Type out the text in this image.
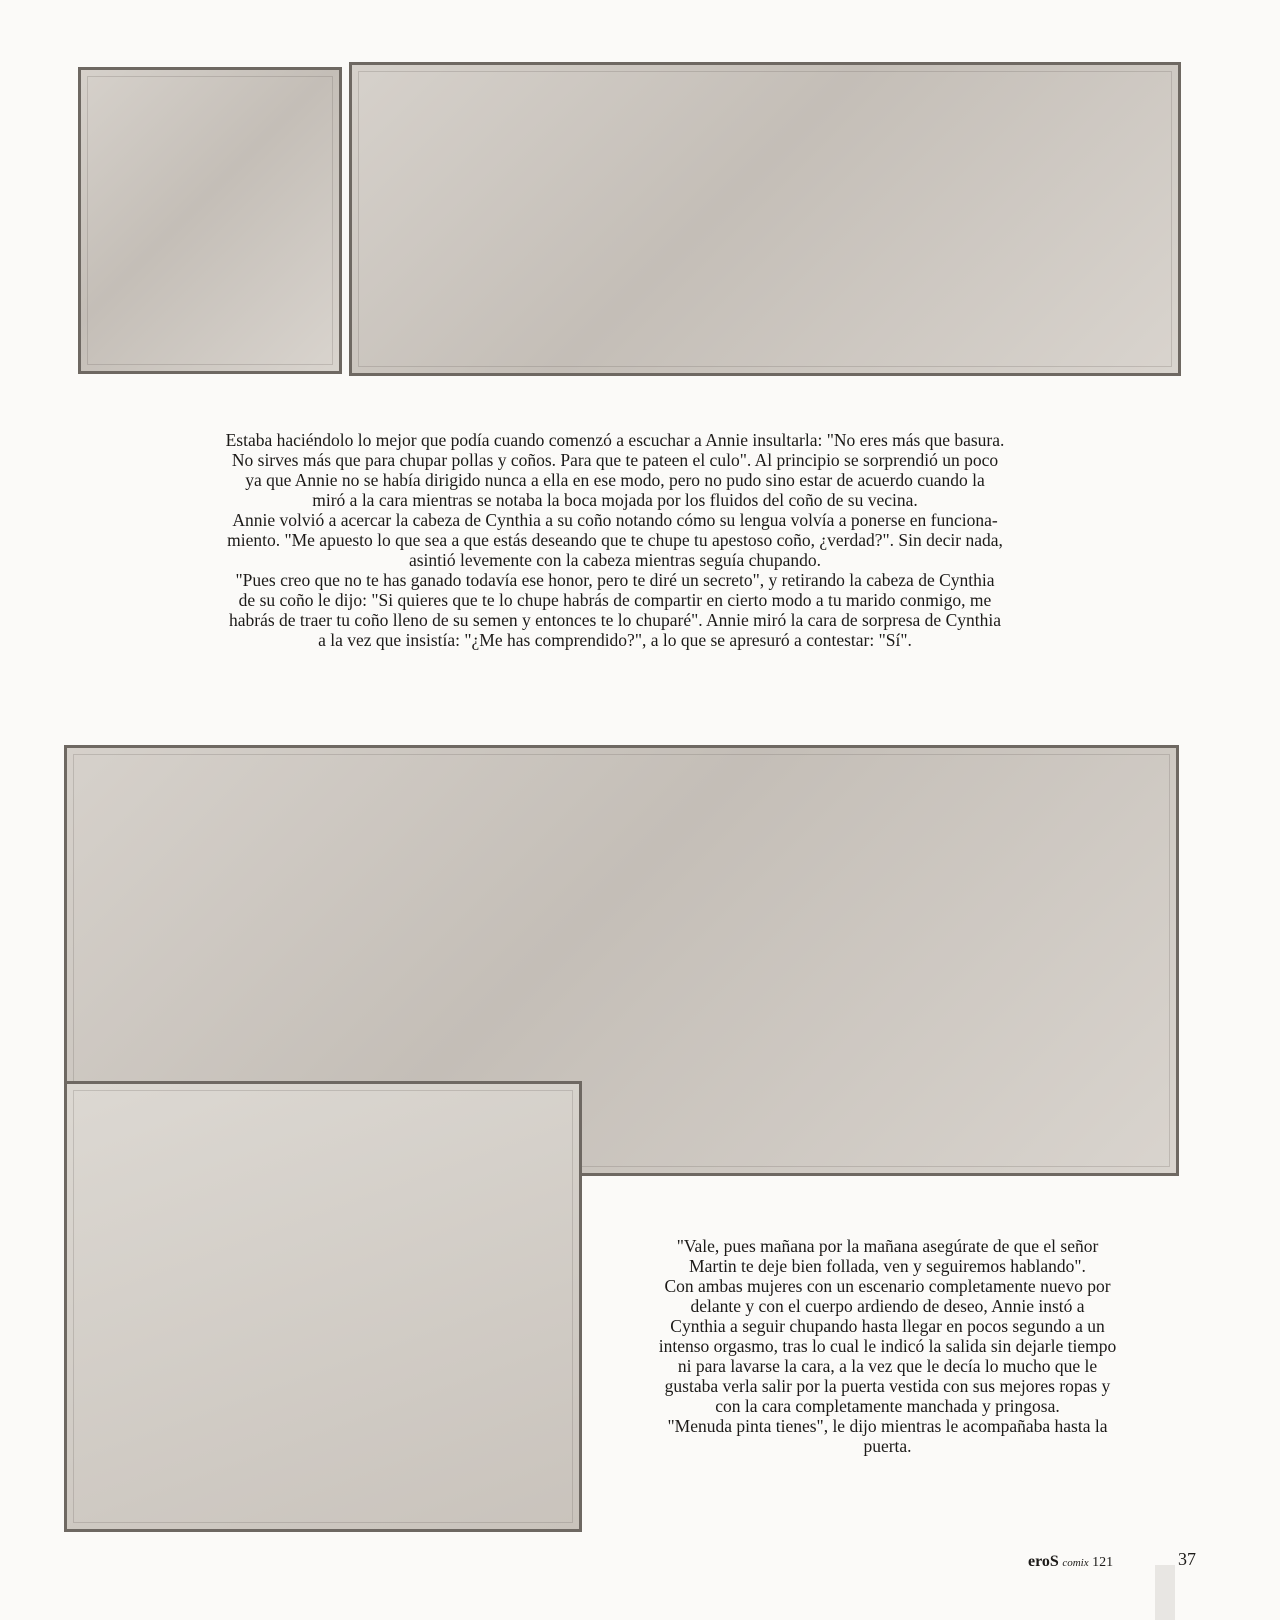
Estaba haciéndolo lo mejor que podía cuando comenzó a escuchar a Annie insultarla: "No eres más que basura.
No sirves más que para chupar pollas y coños. Para que te pateen el culo". Al principio se sorprendió un poco
ya que Annie no se había dirigido nunca a ella en ese modo, pero no pudo sino estar de acuerdo cuando la
miró a la cara mientras se notaba la boca mojada por los fluidos del coño de su vecina.
Annie volvió a acercar la cabeza de Cynthia a su coño notando cómo su lengua volvía a ponerse en funciona-
miento. "Me apuesto lo que sea a que estás deseando que te chupe tu apestoso coño, ¿verdad?". Sin decir nada,
asintió levemente con la cabeza mientras seguía chupando.
"Pues creo que no te has ganado todavía ese honor, pero te diré un secreto", y retirando la cabeza de Cynthia
de su coño le dijo: "Si quieres que te lo chupe habrás de compartir en cierto modo a tu marido conmigo, me
habrás de traer tu coño lleno de su semen y entonces te lo chuparé". Annie miró la cara de sorpresa de Cynthia
a la vez que insistía: "¿Me has comprendido?", a lo que se apresuró a contestar: "Sí".
"Vale, pues mañana por la mañana asegúrate de que el señor
Martin te deje bien follada, ven y seguiremos hablando".
Con ambas mujeres con un escenario completamente nuevo por
delante y con el cuerpo ardiendo de deseo, Annie instó a
Cynthia a seguir chupando hasta llegar en pocos segundo a un
intenso orgasmo, tras lo cual le indicó la salida sin dejarle tiempo
ni para lavarse la cara, a la vez que le decía lo mucho que le
gustaba verla salir por la puerta vestida con sus mejores ropas y
con la cara completamente manchada y pringosa.
"Menuda pinta tienes", le dijo mientras le acompañaba hasta la
puerta.
eroS comix 121	37
